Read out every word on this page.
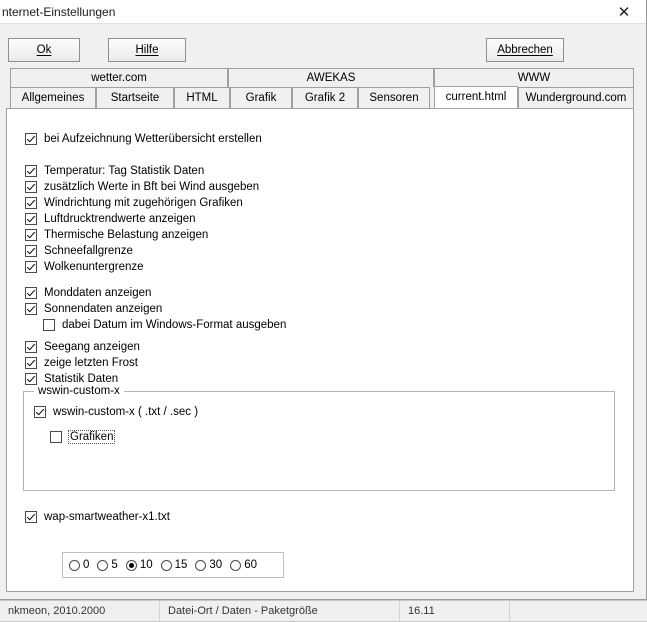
nkmeon, 2010.2000	Datei-Ort / Daten - Paketgröße	16.11
nternet-Einstellungen	✕
Ok	Hilfe	Abbrechen
wetter.com	AWEKAS	WWW
Allgemeines Startseite HTML Grafik Grafik 2 Sensoren current.html Wunderground.com
bei Aufzeichnung Wetterübersicht erstellen
Temperatur: Tag Statistik Daten
zusätzlich Werte in Bft bei Wind ausgeben
Windrichtung mit zugehörigen Grafiken
Luftdrucktrendwerte anzeigen
Thermische Belastung anzeigen
Schneefallgrenze
Wolkenuntergrenze
Monddaten anzeigen
Sonnendaten anzeigen
dabei Datum im Windows-Format ausgeben
Seegang anzeigen
zeige letzten Frost
Statistik Daten
wswin-custom-x
wswin-custom-x ( .txt / .sec )
Grafiken
0 5 10 15 30 60
wap-smartweather-x1.txt
